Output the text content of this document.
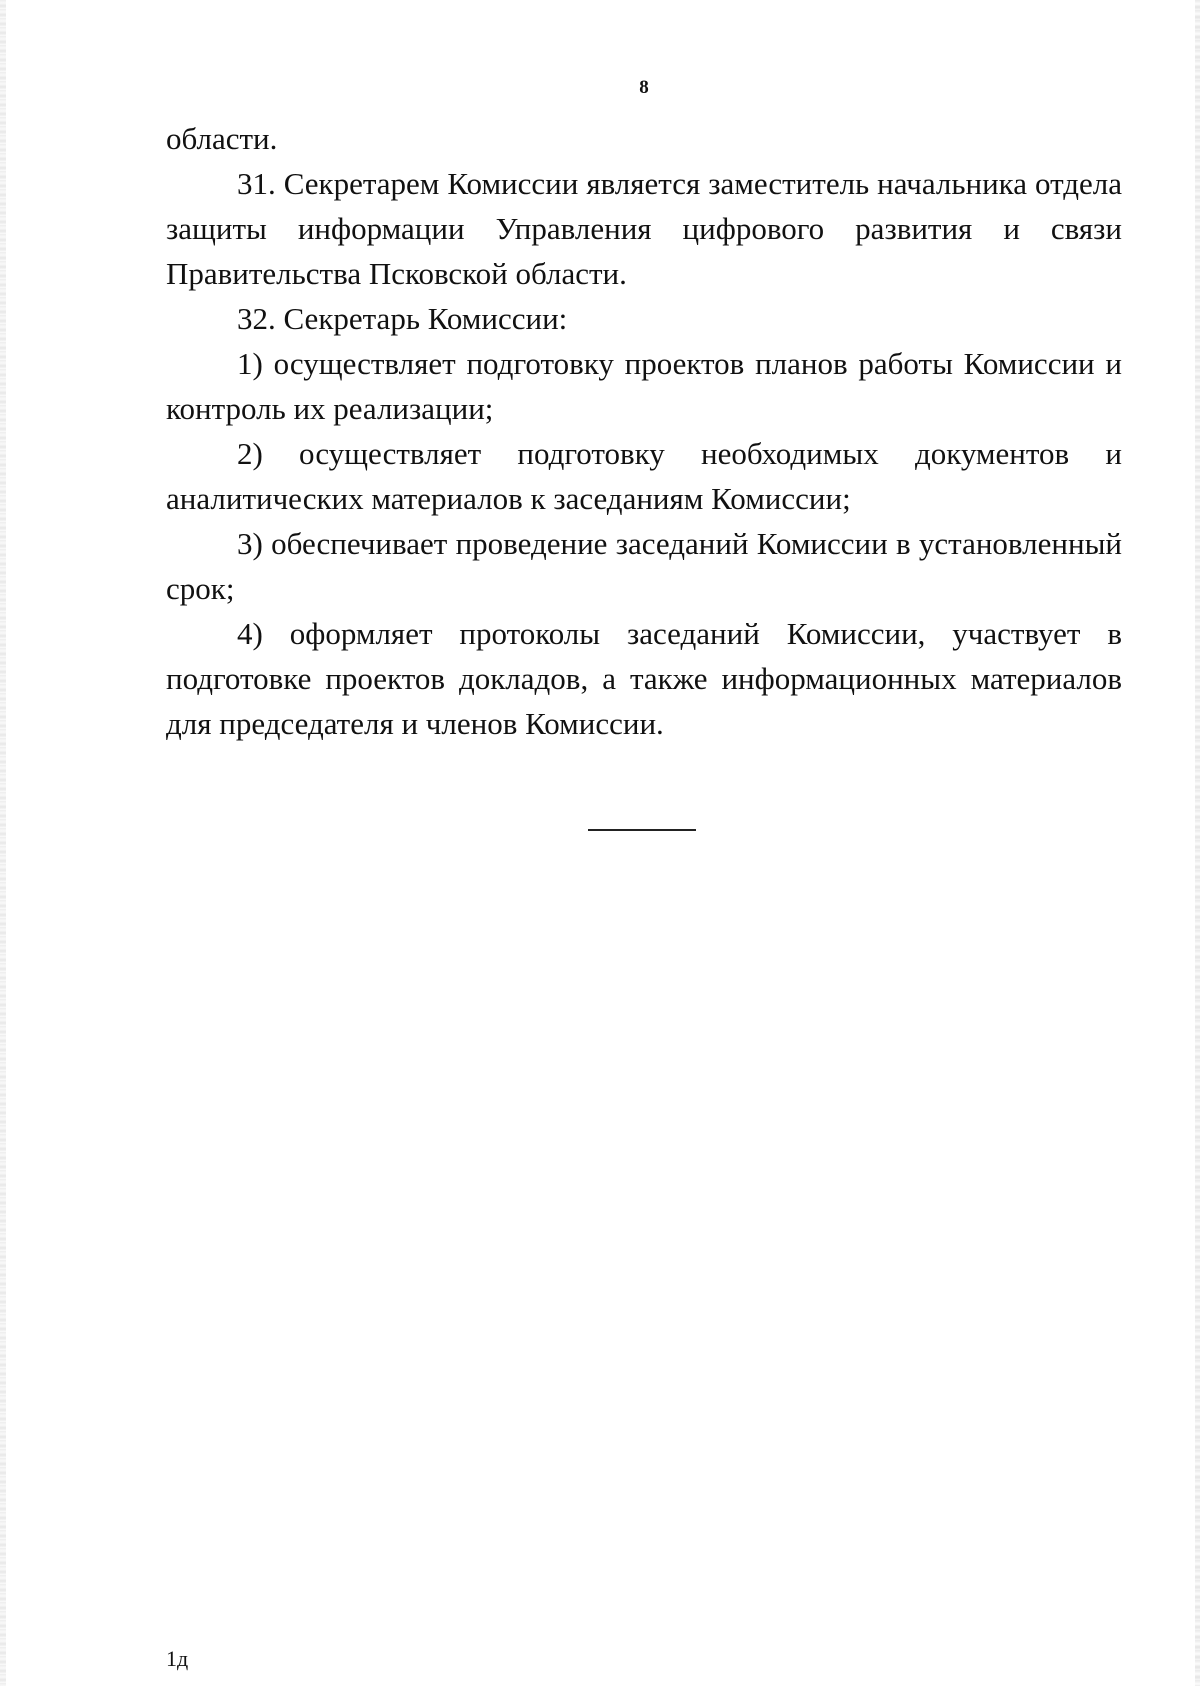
8

области.

31. Секретарем Комиссии является заместитель начальника отдела защиты информации Управления цифрового развития и связи Правительства Псковской области.

32. Секретарь Комиссии:

1) осуществляет подготовку проектов планов работы Комиссии и контроль их реализации;

2) осуществляет подготовку необходимых документов и аналитических материалов к заседаниям Комиссии;

3) обеспечивает проведение заседаний Комиссии в установленный срок;

4) оформляет протоколы заседаний Комиссии, участвует в подготовке проектов докладов, а также информационных материалов для председателя и членов Комиссии.

1д
